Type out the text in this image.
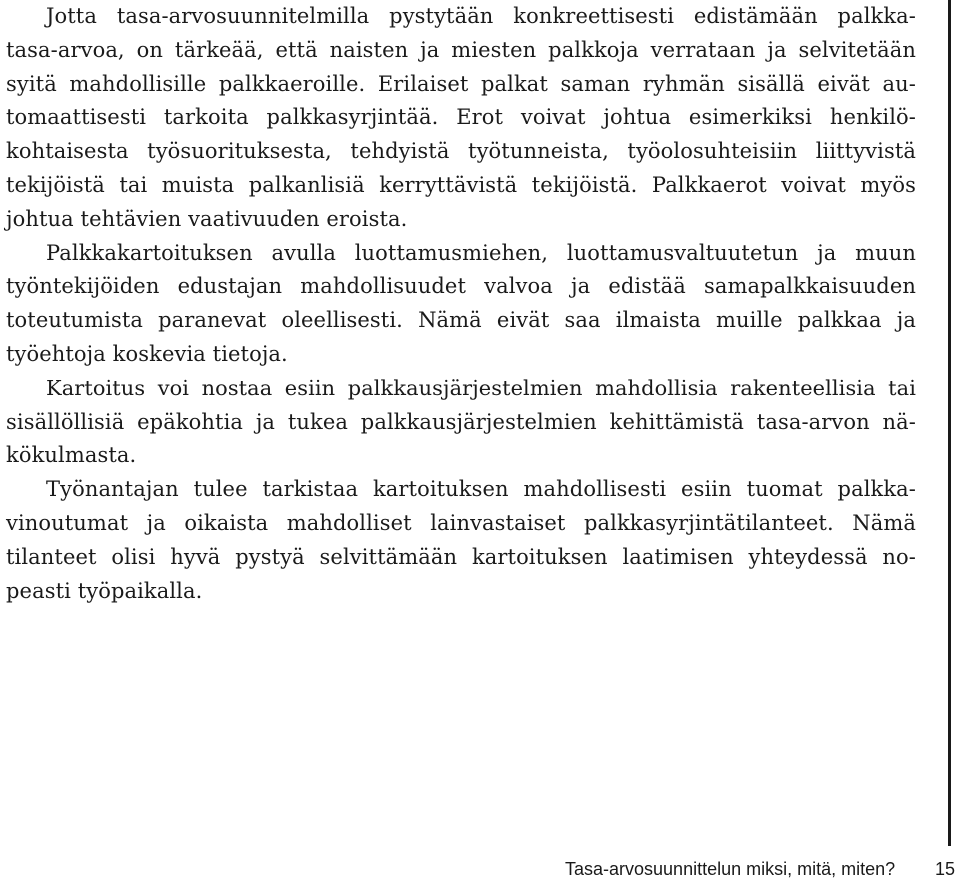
Jotta tasa-arvosuunnitelmilla pystytään konkreettisesti edistämään palkka-
tasa-arvoa, on tärkeää, että naisten ja miesten palkkoja verrataan ja selvitetään
syitä mahdollisille palkkaeroille. Erilaiset palkat saman ryhmän sisällä eivät au-
tomaattisesti tarkoita palkkasyrjintää. Erot voivat johtua esimerkiksi henkilö-
kohtaisesta työsuorituksesta, tehdyistä työtunneista, työolosuhteisiin liittyvistä
tekijöistä tai muista palkanlisiä kerryttävistä tekijöistä. Palkkaerot voivat myös
johtua tehtävien vaativuuden eroista.

Palkkakartoituksen avulla luottamusmiehen, luottamusvaltuutetun ja muun
työntekijöiden edustajan mahdollisuudet valvoa ja edistää samapalkkaisuuden
toteutumista paranevat oleellisesti. Nämä eivät saa ilmaista muille palkkaa ja
työehtoja koskevia tietoja.

Kartoitus voi nostaa esiin palkkausjärjestelmien mahdollisia rakenteellisia tai
sisällöllisiä epäkohtia ja tukea palkkausjärjestelmien kehittämistä tasa-arvon nä-
kökulmasta.

Työnantajan tulee tarkistaa kartoituksen mahdollisesti esiin tuomat palkka-
vinoutumat ja oikaista mahdolliset lainvastaiset palkkasyrjintätilanteet. Nämä
tilanteet olisi hyvä pystyä selvittämään kartoituksen laatimisen yhteydessä no-
peasti työpaikalla.

Tasa-arvosuunnittelun miksi, mitä, miten? 15
